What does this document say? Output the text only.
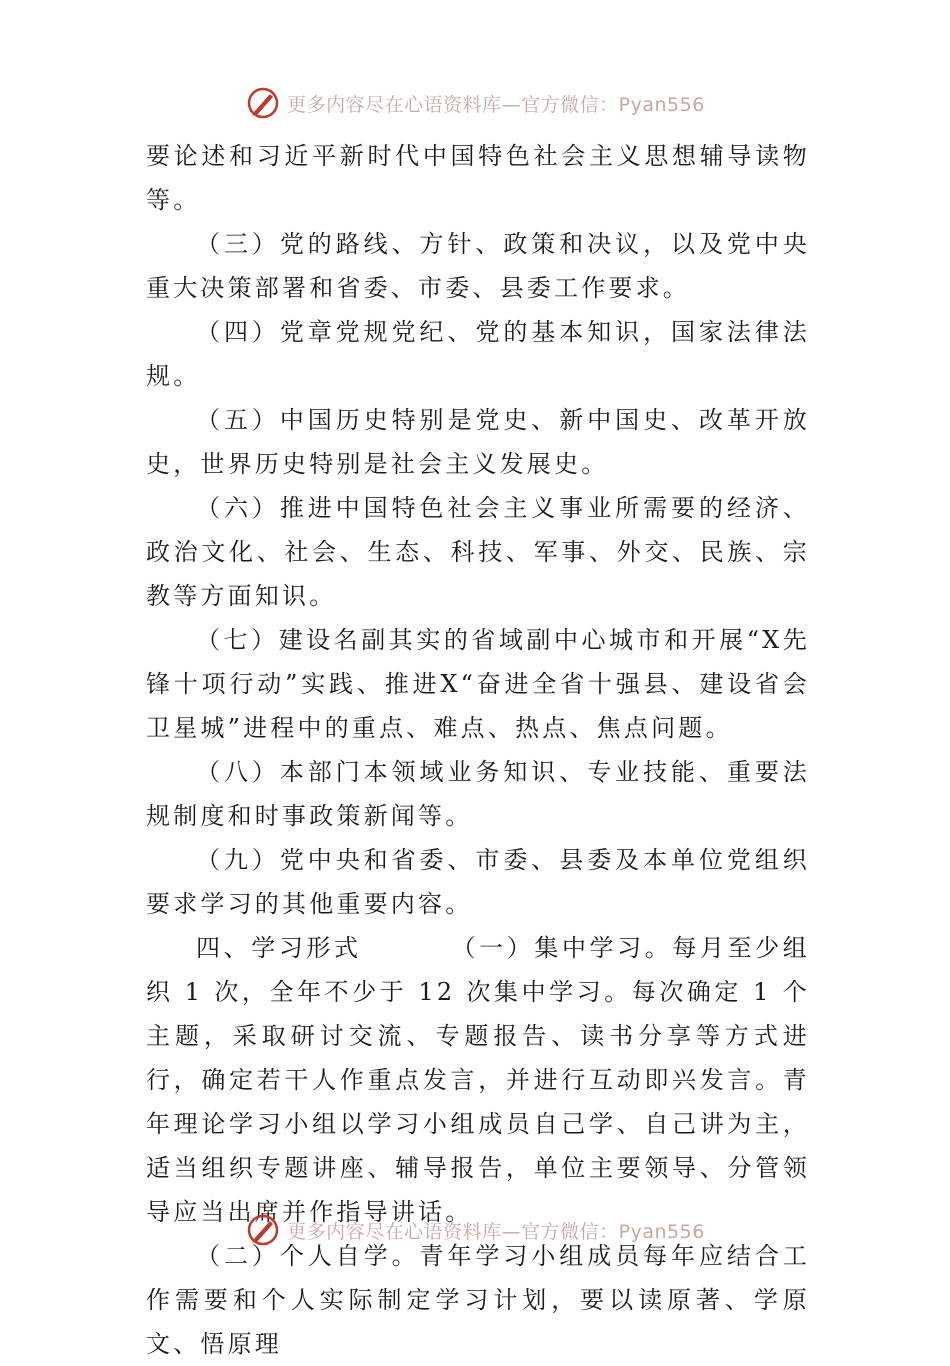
更多内容尽在心语资料库—官方微信：Pyan556

要论述和习近平新时代中国特色社会主义思想辅导读物等。

（三）党的路线、方针、政策和决议，以及党中央重大决策部署和省委、市委、县委工作要求。

（四）党章党规党纪、党的基本知识，国家法律法规。

（五）中国历史特别是党史、新中国史、改革开放史，世界历史特别是社会主义发展史。

（六）推进中国特色社会主义事业所需要的经济、政治文化、社会、生态、科技、军事、外交、民族、宗教等方面知识。

（七）建设名副其实的省域副中心城市和开展“X先锋十项行动”实践、推进X“奋进全省十强县、建设省会卫星城”进程中的重点、难点、热点、焦点问题。

（八）本部门本领域业务知识、专业技能、重要法规制度和时事政策新闻等。

（九）党中央和省委、市委、县委及本单位党组织要求学习的其他重要内容。

四、学习形式        （一）集中学习。每月至少组织 1 次，全年不少于 12 次集中学习。每次确定 1 个主题，采取研讨交流、专题报告、读书分享等方式进行，确定若干人作重点发言，并进行互动即兴发言。青年理论学习小组以学习小组成员自己学、自己讲为主，适当组织专题讲座、辅导报告，单位主要领导、分管领导应当出席并作指导讲话。

（二）个人自学。青年学习小组成员每年应结合工作需要和个人实际制定学习计划，要以读原著、学原文、悟原理

更多内容尽在心语资料库—官方微信：Pyan556
